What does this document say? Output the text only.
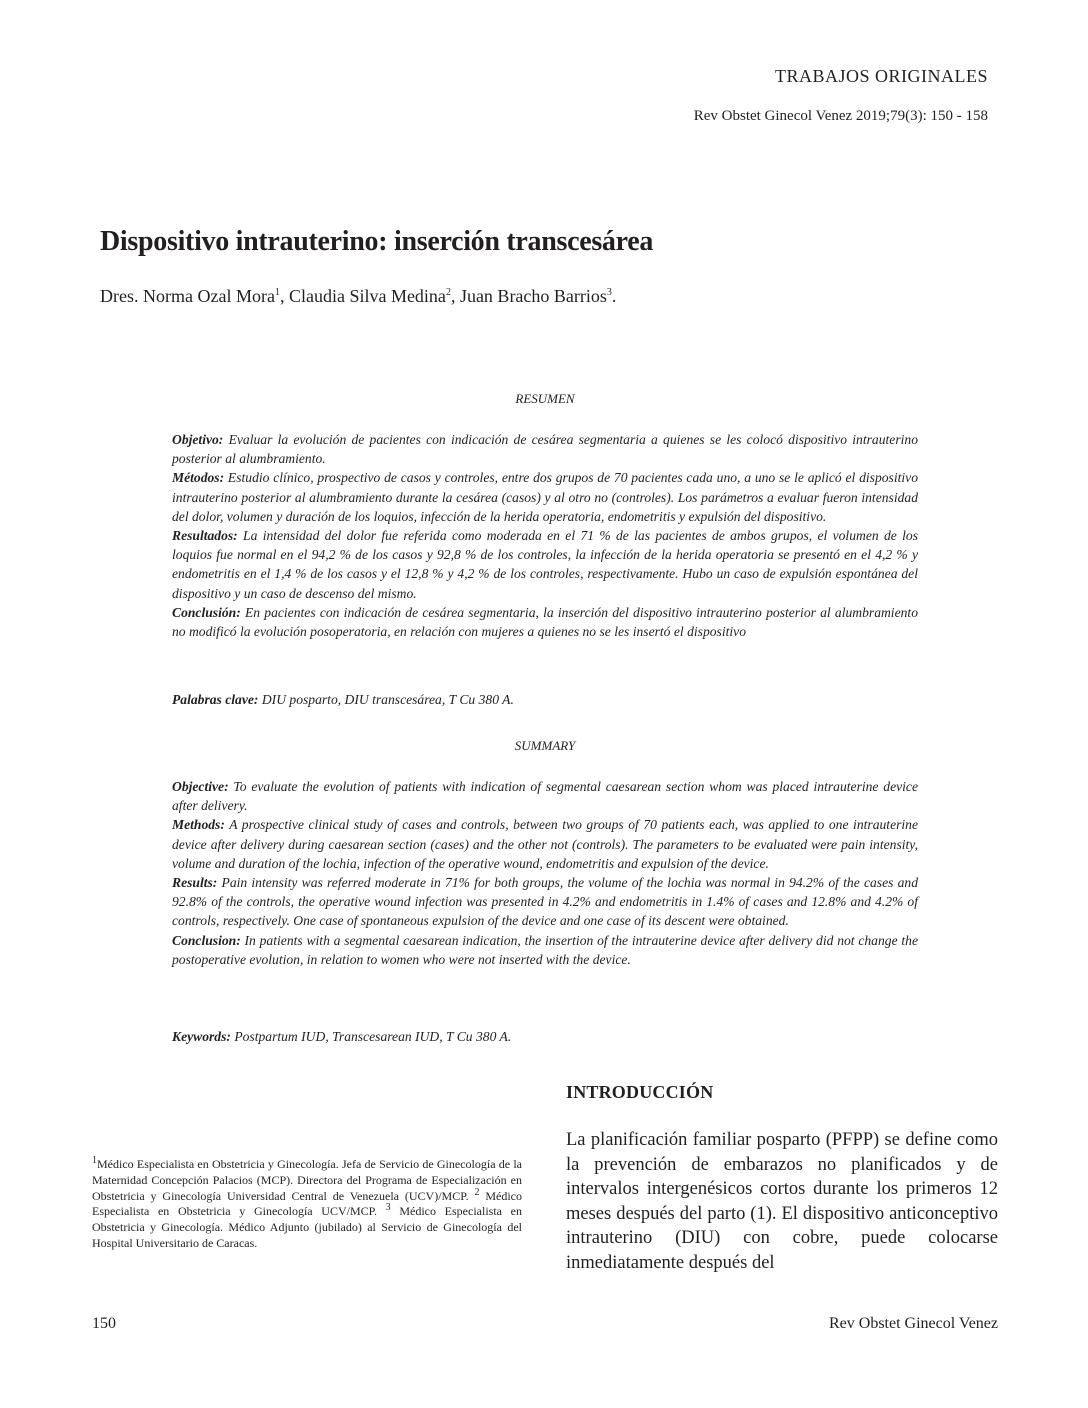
TRABAJOS ORIGINALES
Rev Obstet Ginecol Venez 2019;79(3): 150 - 158
Dispositivo intrauterino: inserción transcesárea
Dres. Norma Ozal Mora$^1$, Claudia Silva Medina$^2$, Juan Bracho Barrios$^3$.
RESUMEN

Objetivo: Evaluar la evolución de pacientes con indicación de cesárea segmentaria a quienes se les colocó dispositivo intrauterino posterior al alumbramiento.

Métodos: Estudio clínico, prospectivo de casos y controles, entre dos grupos de 70 pacientes cada uno, a uno se le aplicó el dispositivo intrauterino posterior al alumbramiento durante la cesárea (casos) y al otro no (controles). Los parámetros a evaluar fueron intensidad del dolor, volumen y duración de los loquios, infección de la herida operatoria, endometritis y expulsión del dispositivo.

Resultados: La intensidad del dolor fue referida como moderada en el 71 % de las pacientes de ambos grupos, el volumen de los loquios fue normal en el 94,2 % de los casos y 92,8 % de los controles, la infección de la herida operatoria se presentó en el 4,2 % y endometritis en el 1,4 % de los casos y el 12,8 % y 4,2 % de los controles, respectivamente. Hubo un caso de expulsión espontánea del dispositivo y un caso de descenso del mismo.

Conclusión: En pacientes con indicación de cesárea segmentaria, la inserción del dispositivo intrauterino posterior al alumbramiento no modificó la evolución posoperatoria, en relación con mujeres a quienes no se les insertó el dispositivo

Palabras clave: DIU posparto, DIU transcesárea, T Cu 380 A.
SUMMARY

Objective: To evaluate the evolution of patients with indication of segmental caesarean section whom was placed intrauterine device after delivery.

Methods: A prospective clinical study of cases and controls, between two groups of 70 patients each, was applied to one intrauterine device after delivery during caesarean section (cases) and the other not (controls). The parameters to be evaluated were pain intensity, volume and duration of the lochia, infection of the operative wound, endometritis and expulsion of the device.

Results: Pain intensity was referred moderate in 71% for both groups, the volume of the lochia was normal in 94.2% of the cases and 92.8% of the controls, the operative wound infection was presented in 4.2% and endometritis in 1.4% of cases and 12.8% and 4.2% of controls, respectively. One case of spontaneous expulsion of the device and one case of its descent were obtained.

Conclusion: In patients with a segmental caesarean indication, the insertion of the intrauterine device after delivery did not change the postoperative evolution, in relation to women who were not inserted with the device.

Keywords: Postpartum IUD, Transcesarean IUD, T Cu 380 A.
INTRODUCCIÓN
La planificación familiar posparto (PFPP) se define como la prevención de embarazos no planificados y de intervalos intergenésicos cortos durante los primeros 12 meses después del parto (1). El dispositivo anticonceptivo intrauterino (DIU) con cobre, puede colocarse inmediatamente después del
$^1$Médico Especialista en Obstetricia y Ginecología. Jefa de Servicio de Ginecología de la Maternidad Concepción Palacios (MCP). Directora del Programa de Especialización en Obstetricia y Ginecología Universidad Central de Venezuela (UCV)/MCP. $^2$ Médico Especialista en Obstetricia y Ginecología UCV/MCP. $^3$ Médico Especialista en Obstetricia y Ginecología. Médico Adjunto (jubilado) al Servicio de Ginecología del Hospital Universitario de Caracas.
150	Rev Obstet Ginecol Venez
